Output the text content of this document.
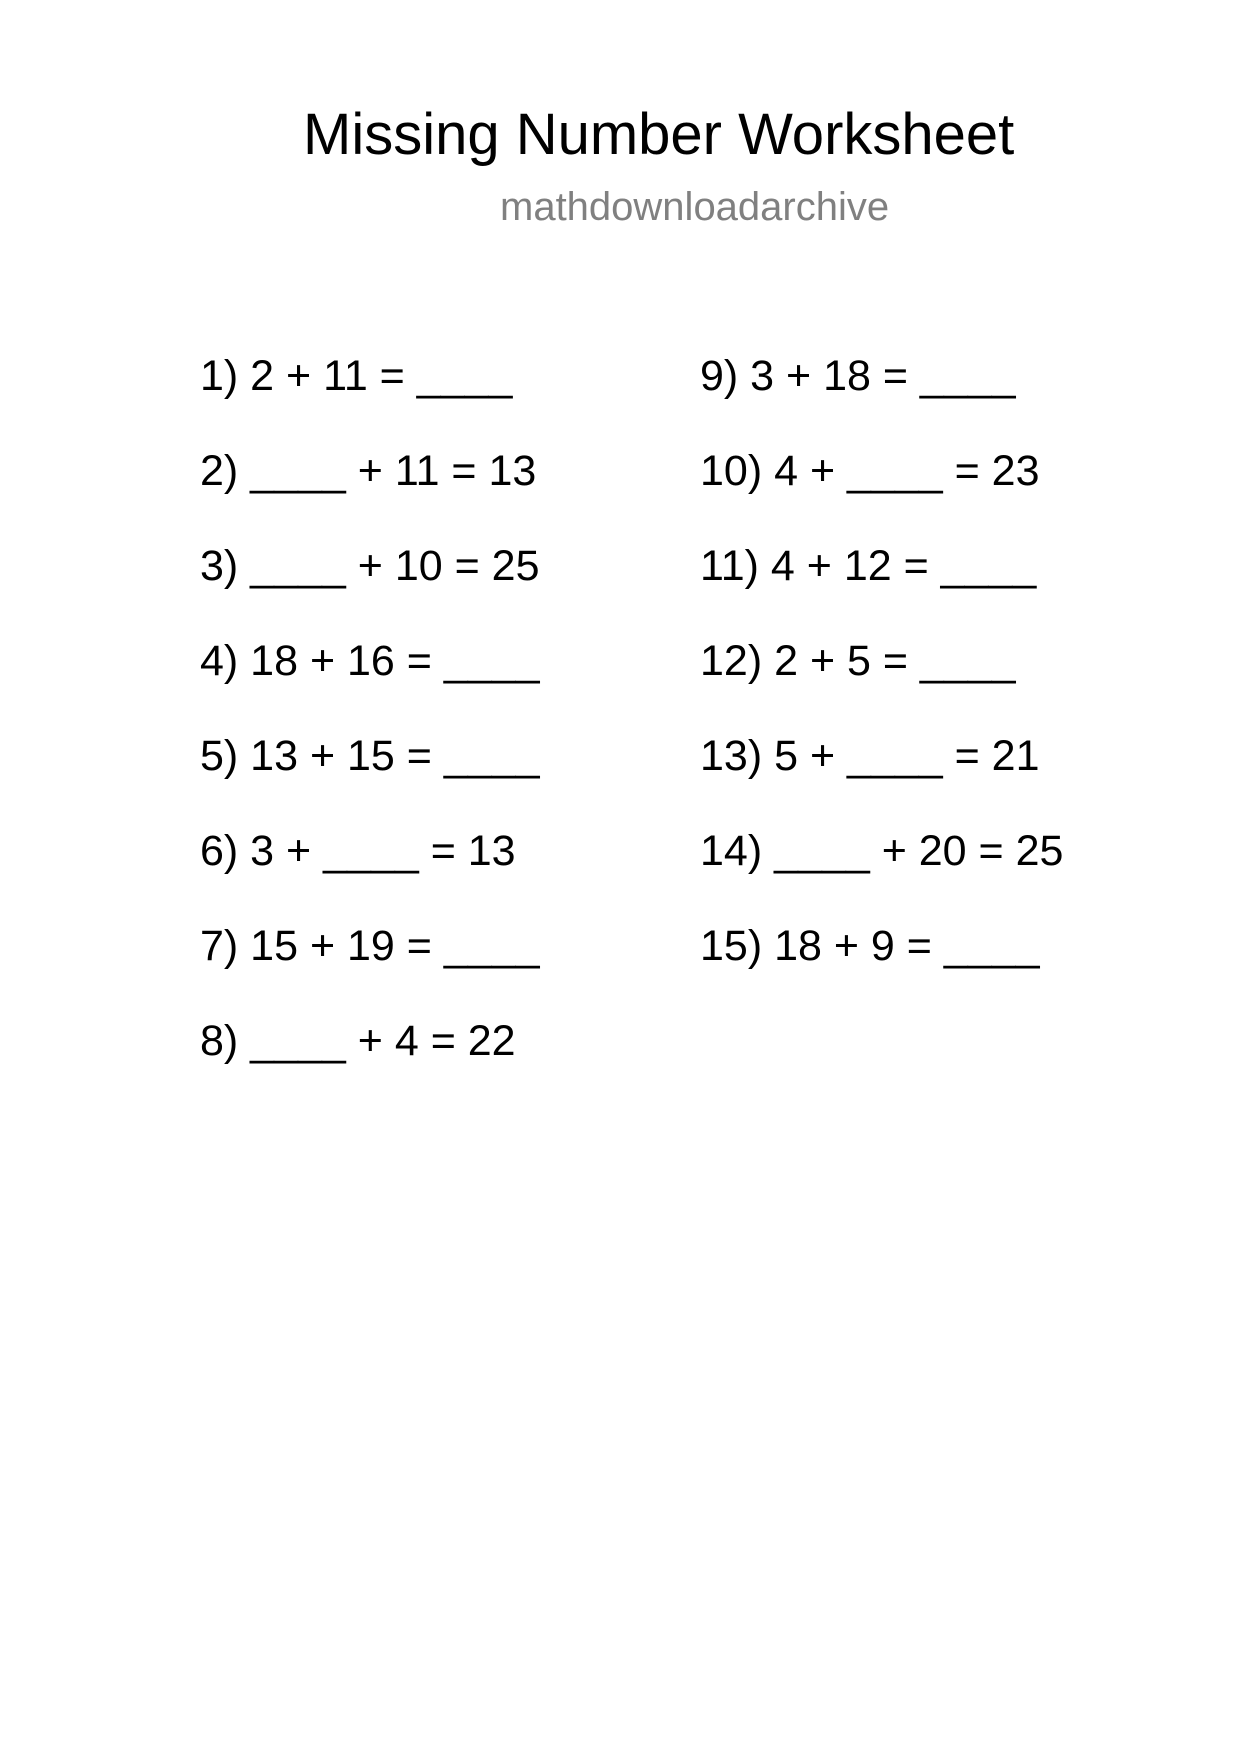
Missing Number Worksheet
mathdownloadarchive
1) 2 + 11 = ____
2) ____ + 11 = 13
3) ____ + 10 = 25
4) 18 + 16 = ____
5) 13 + 15 = ____
6) 3 + ____ = 13
7) 15 + 19 = ____
8) ____ + 4 = 22
9) 3 + 18 = ____
10) 4 + ____ = 23
11) 4 + 12 = ____
12) 2 + 5 = ____
13) 5 + ____ = 21
14) ____ + 20 = 25
15) 18 + 9 = ____
